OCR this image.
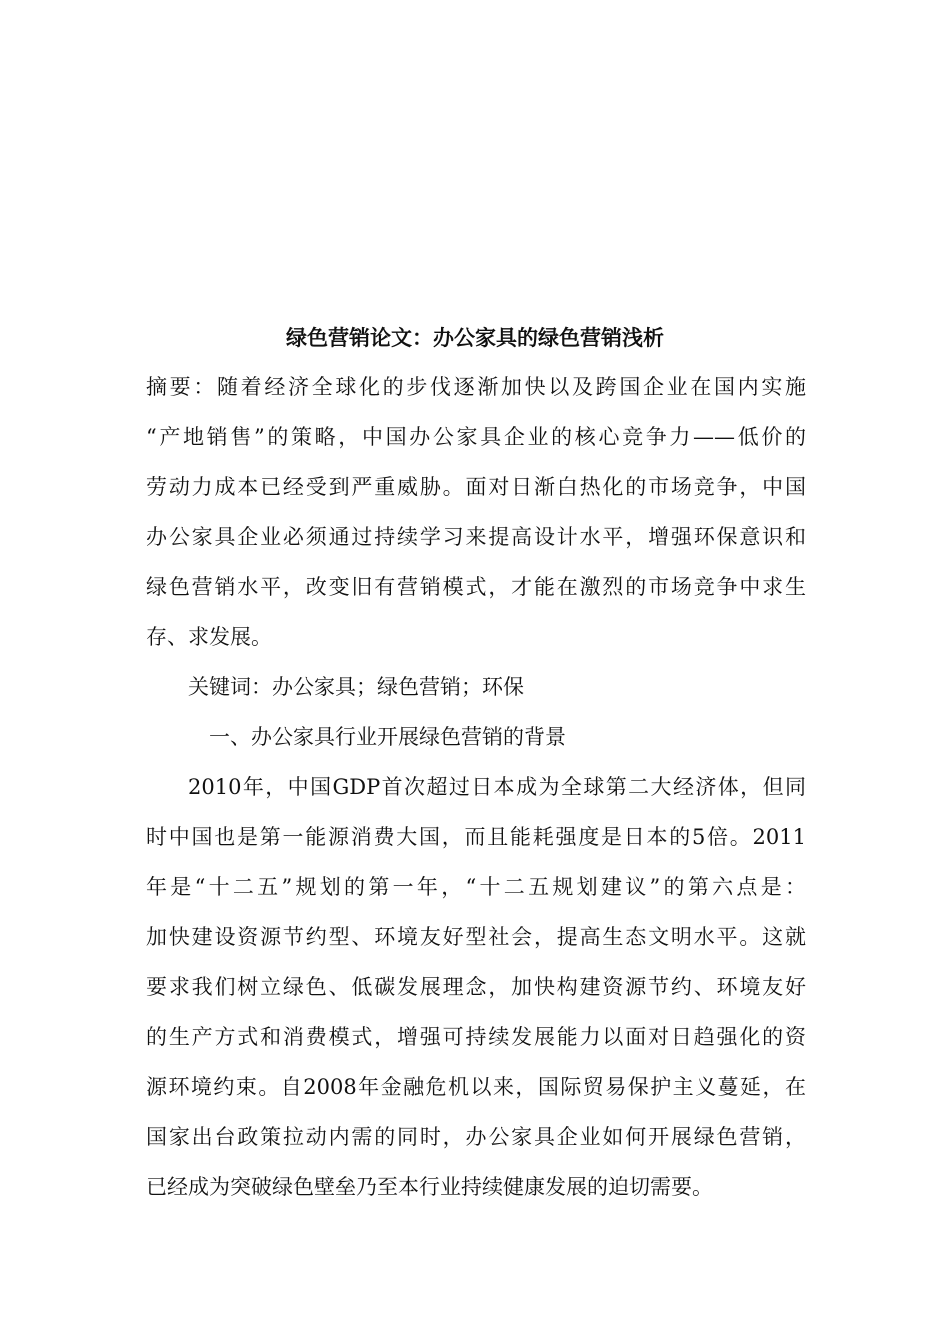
绿色营销论文：办公家具的绿色营销浅析
摘要：随着经济全球化的步伐逐渐加快以及跨国企业在国内实施
“产地销售”的策略，中国办公家具企业的核心竞争力——低价的
劳动力成本已经受到严重威胁。面对日渐白热化的市场竞争，中国
办公家具企业必须通过持续学习来提高设计水平，增强环保意识和
绿色营销水平，改变旧有营销模式，才能在激烈的市场竞争中求生
存、求发展。
关键词：办公家具；绿色营销；环保
一、办公家具行业开展绿色营销的背景
2010年，中国GDP首次超过日本成为全球第二大经济体，但同
时中国也是第一能源消费大国，而且能耗强度是日本的5倍。2011
年是“十二五”规划的第一年，“十二五规划建议”的第六点是：
加快建设资源节约型、环境友好型社会，提高生态文明水平。这就
要求我们树立绿色、低碳发展理念，加快构建资源节约、环境友好
的生产方式和消费模式，增强可持续发展能力以面对日趋强化的资
源环境约束。自2008年金融危机以来，国际贸易保护主义蔓延，在
国家出台政策拉动内需的同时，办公家具企业如何开展绿色营销，
已经成为突破绿色壁垒乃至本行业持续健康发展的迫切需要。
